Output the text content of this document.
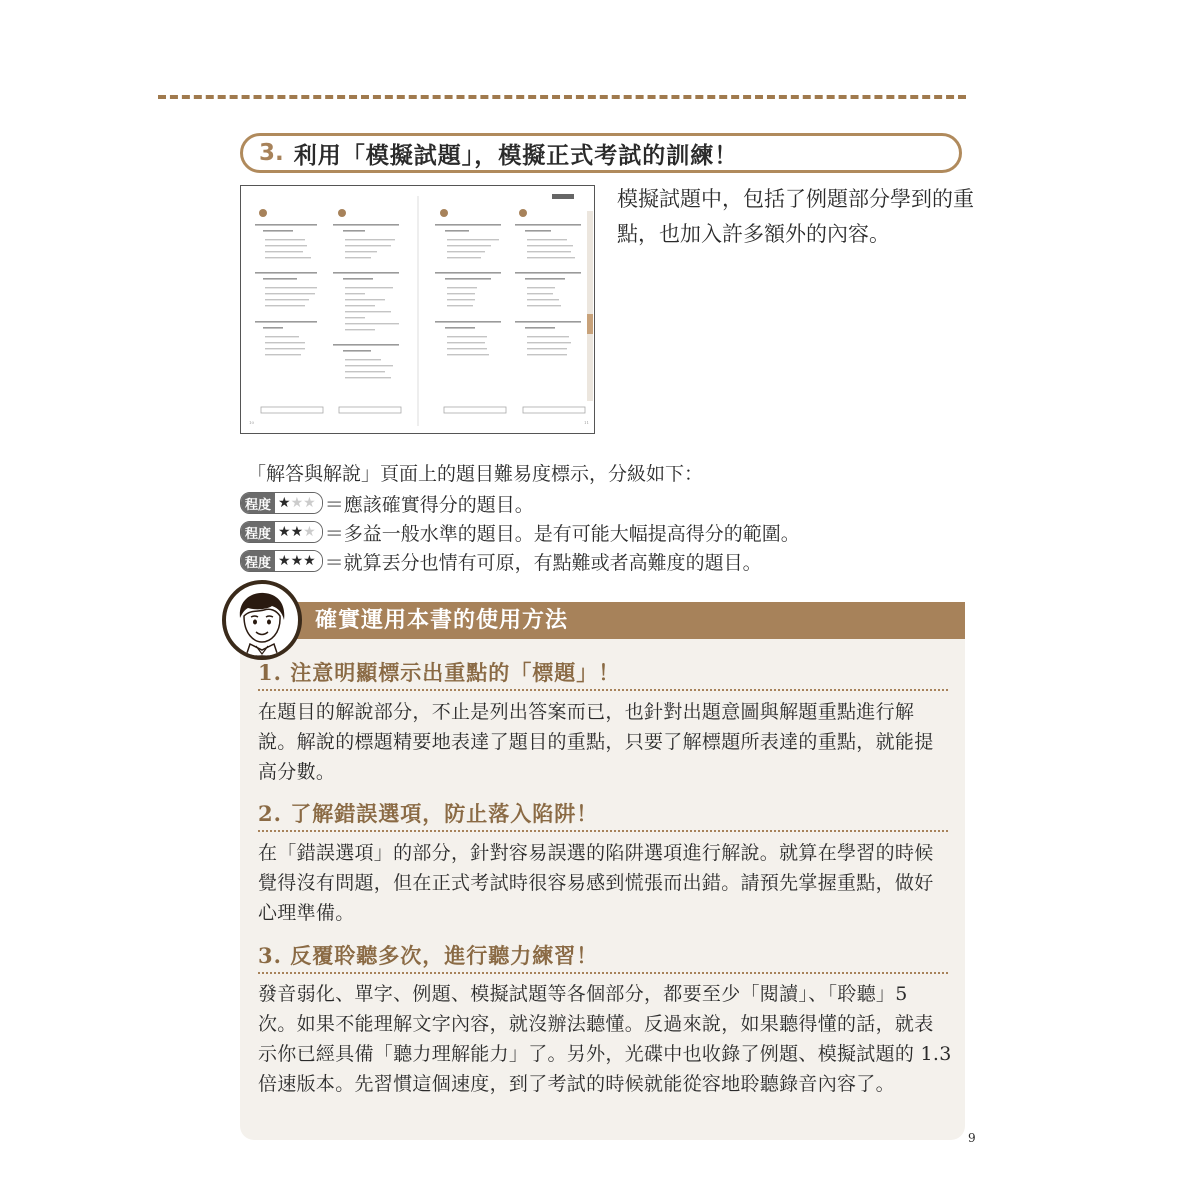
3. 利用「模擬試題」，模擬正式考試的訓練！
10	11
模擬試題中，包括了例題部分學到的重點，也加入許多額外的內容。
「解答與解說」頁面上的題目難易度標示，分級如下：
程度 ★ ★★ ＝應該確實得分的題目。
程度 ★★ ★ ＝多益一般水準的題目。是有可能大幅提高得分的範圍。
程度 ★★★ ＝就算丟分也情有可原，有點難或者高難度的題目。
確實運用本書的使用方法
1. 注意明顯標示出重點的「標題」！
在題目的解說部分，不止是列出答案而已，也針對出題意圖與解題重點進行解說。解說的標題精要地表達了題目的重點，只要了解標題所表達的重點，就能提高分數。
2. 了解錯誤選項，防止落入陷阱！
在「錯誤選項」的部分，針對容易誤選的陷阱選項進行解說。就算在學習的時候覺得沒有問題，但在正式考試時很容易感到慌張而出錯。請預先掌握重點，做好心理準備。
3. 反覆聆聽多次，進行聽力練習！
發音弱化、單字、例題、模擬試題等各個部分，都要至少「閱讀」、「聆聽」5 次。如果不能理解文字內容，就沒辦法聽懂。反過來說，如果聽得懂的話，就表示你已經具備「聽力理解能力」了。另外，光碟中也收錄了例題、模擬試題的 1.3 倍速版本。先習慣這個速度，到了考試的時候就能從容地聆聽錄音內容了。
9
